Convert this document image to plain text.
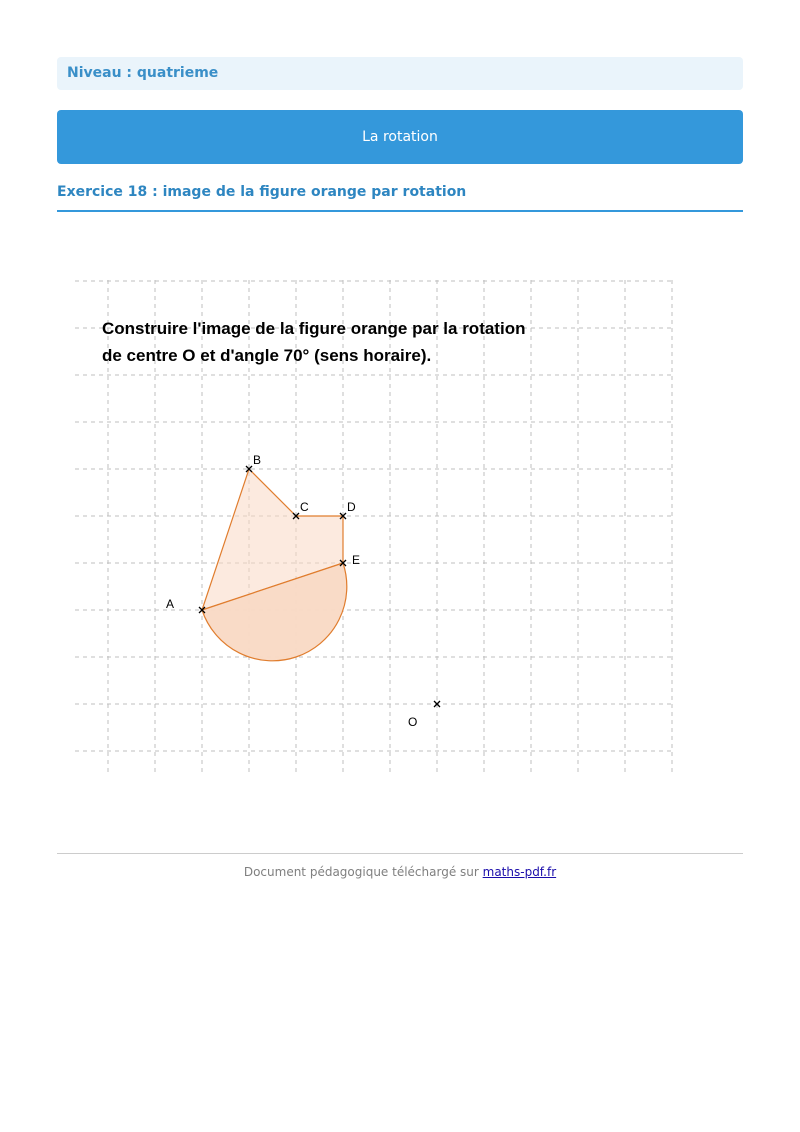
Niveau : quatrieme
La rotation
Exercice 18 : image de la figure orange par rotation
Construire l'image de la figure orange par la rotation
de centre O et d'angle 70° (sens horaire).
A
B
C	D
E
O
Document pédagogique téléchargé sur maths-pdf.fr
